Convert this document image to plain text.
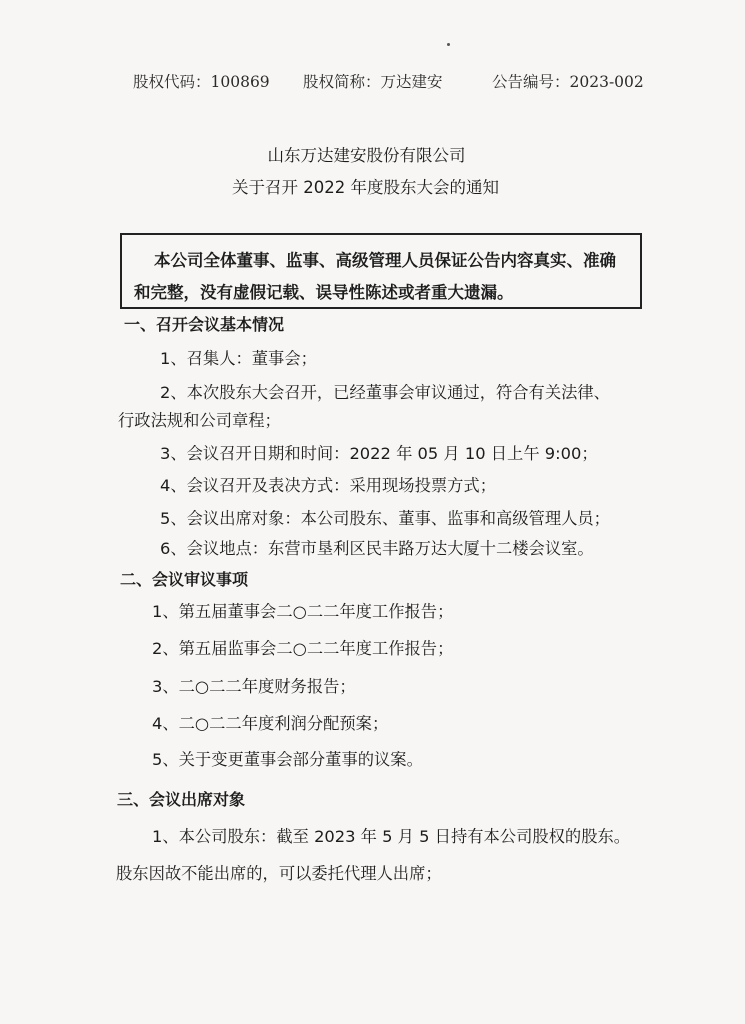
股权代码：100869 股权简称：万达建安	公告编号：2023-002
山东万达建安股份有限公司
关于召开 2022 年度股东大会的通知
本公司全体董事、监事、高级管理人员保证公告内容真实、准确
和完整，没有虚假记载、误导性陈述或者重大遗漏。
一、召开会议基本情况
1、召集人：董事会；
2、本次股东大会召开，已经董事会审议通过，符合有关法律、
行政法规和公司章程；
3、会议召开日期和时间：2022 年 05 月 10 日上午 9:00；
4、会议召开及表决方式：采用现场投票方式；
5、会议出席对象：本公司股东、董事、监事和高级管理人员；
6、会议地点：东营市垦利区民丰路万达大厦十二楼会议室。
二、会议审议事项
1、第五届董事会二○二二年度工作报告；
2、第五届监事会二○二二年度工作报告；
3、二○二二年度财务报告；
4、二○二二年度利润分配预案；
5、关于变更董事会部分董事的议案。
三、会议出席对象
1、本公司股东：截至 2023 年 5 月 5 日持有本公司股权的股东。
股东因故不能出席的，可以委托代理人出席；
